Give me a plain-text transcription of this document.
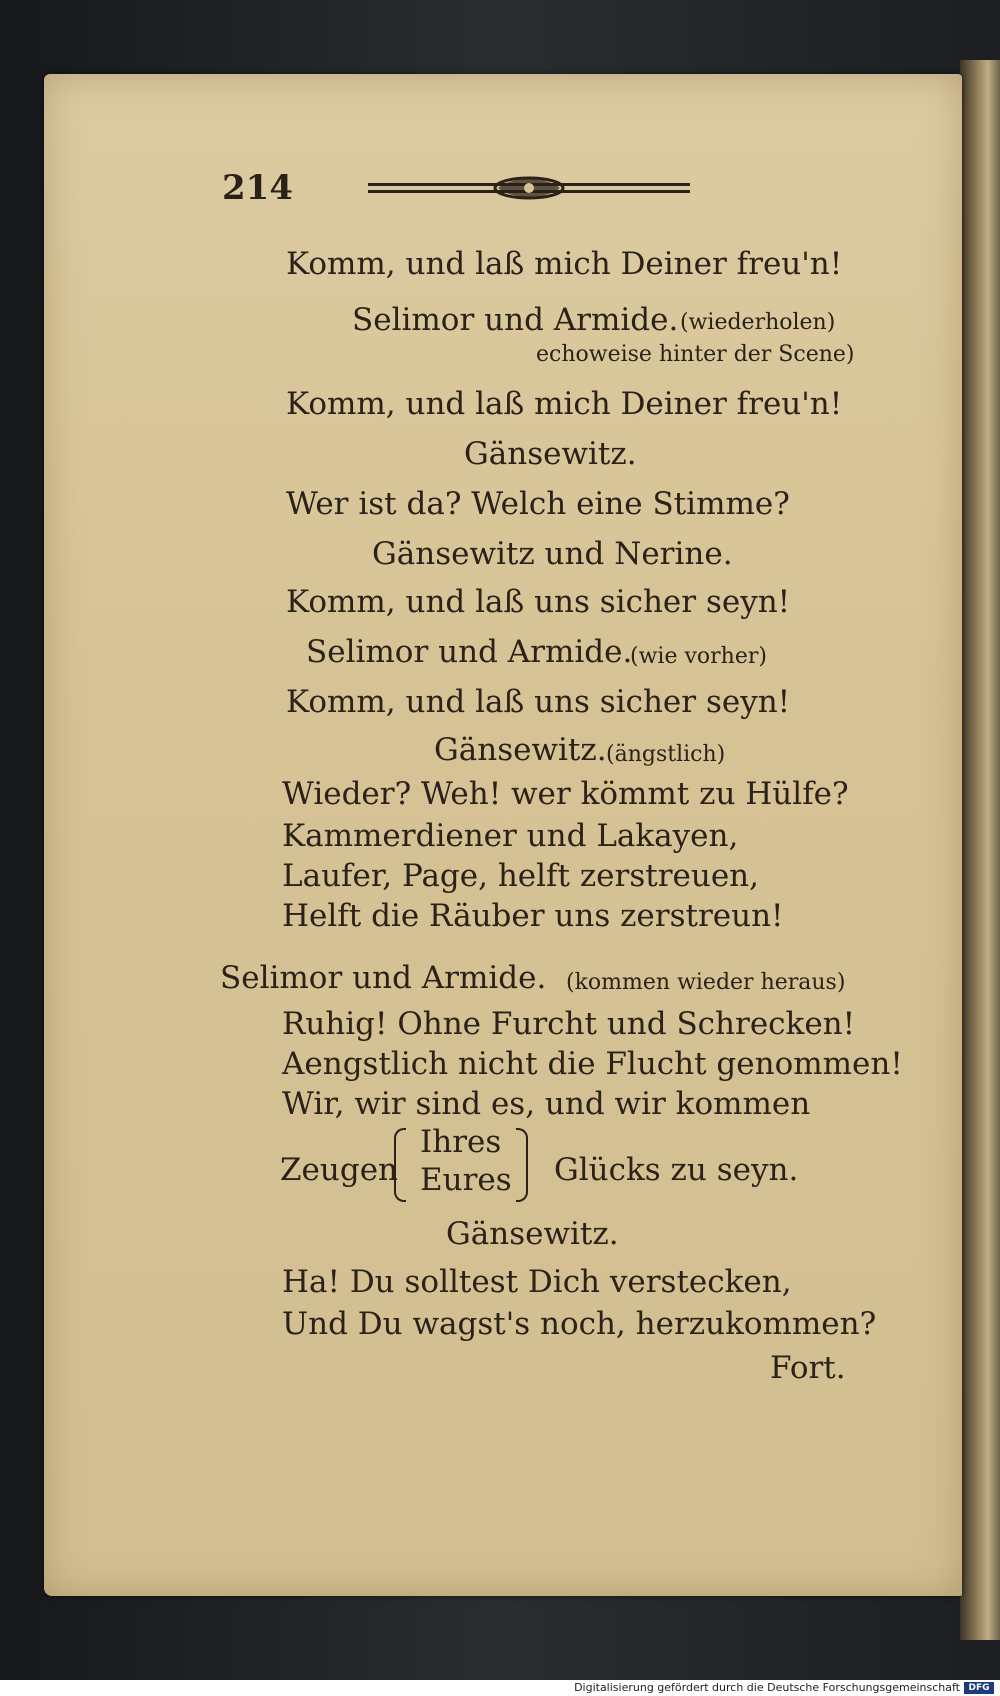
214
Komm, und laß mich Deiner freu'n!
Selimor und Armide. (wiederholen)
echoweise hinter der Scene)
Komm, und laß mich Deiner freu'n!
Gänsewitz.
Wer ist da? Welch eine Stimme?
Gänsewitz und Nerine.
Komm, und laß uns sicher seyn!
Selimor und Armide.
(wie vorher)
Komm, und laß uns sicher seyn!
Gänsewitz. (ängstlich)
Wieder? Weh! wer kömmt zu Hülfe?
Kammerdiener und Lakayen,
Laufer, Page, helft zerstreuen,
Helft die Räuber uns zerstreun!
Selimor und Armide. (kommen wieder heraus)
Ruhig! Ohne Furcht und Schrecken!
Aengstlich nicht die Flucht genommen!
Wir, wir sind es, und wir kommen
Zeugen
Ihres
Eures Glücks zu seyn.
Gänsewitz.
Ha! Du solltest Dich verstecken,
Und Du wagst's noch, herzukommen?
Fort.
Digitalisierung gefördert durch die Deutsche Forschungsgemeinschaft DFG
